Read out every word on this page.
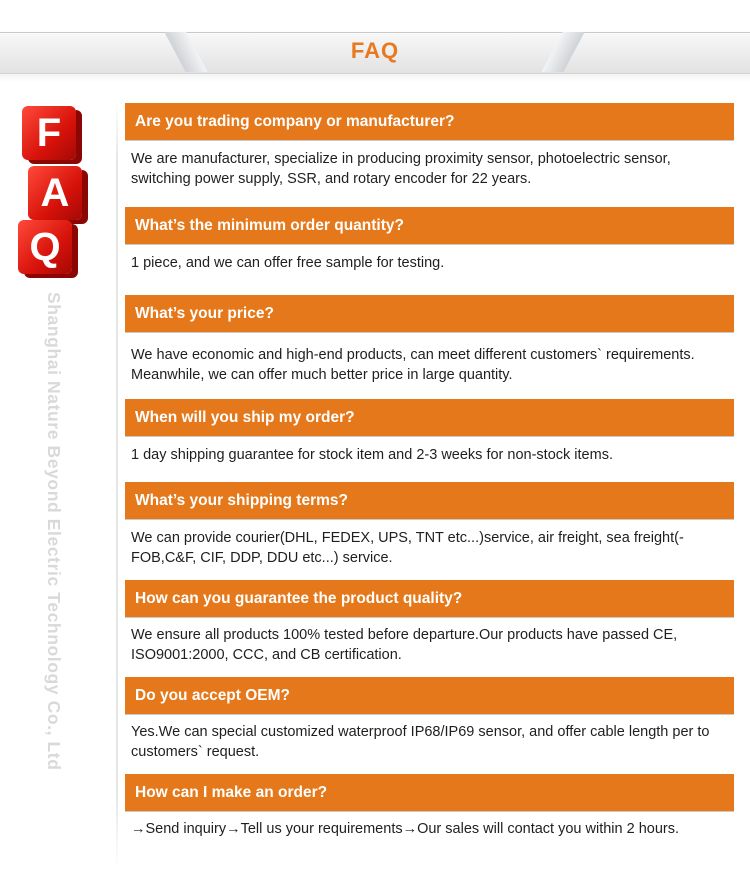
FAQ
F
A
Q
Shanghai Nature Beyond Electric Technology Co., Ltd
Are you trading company or manufacturer?
We are manufacturer, specialize in producing proximity sensor, photoelectric sensor, switching power supply, SSR, and rotary encoder for 22 years.
What’s the minimum order quantity?
1 piece, and we can offer free sample for testing.
What’s your price?
We have economic and high-end products, can meet different customers` requirements. Meanwhile, we can offer much better price in large quantity.
When will you ship my order?
1 day shipping guarantee for stock item and 2-3 weeks for non-stock items.
What’s your shipping terms?
We can provide courier(DHL, FEDEX, UPS, TNT etc...)service, air freight, sea freight(-FOB,C&F, CIF, DDP, DDU etc...) service.
How can you guarantee the product quality?
We ensure all products 100% tested before departure.Our products have passed CE, ISO9001:2000, CCC, and CB certification.
Do you accept OEM?
Yes.We can special customized waterproof IP68/IP69 sensor, and offer cable length per to customers` request.
How can I make an order?
→Send inquiry→Tell us your requirements→Our sales will contact you within 2 hours.
